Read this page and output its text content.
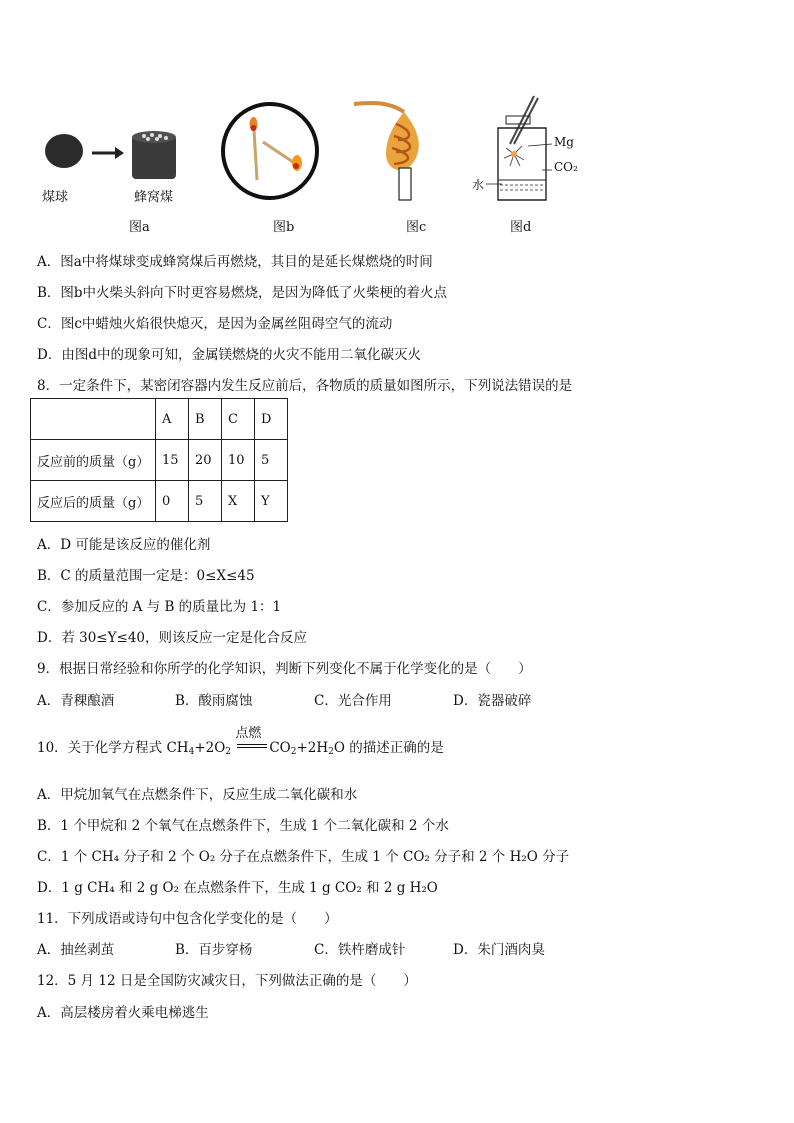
煤球	蜂窝煤
图a	图b	图c
Mg
CO₂
水
图d
A．图a中将煤球变成蜂窝煤后再燃烧，其目的是延长煤燃烧的时间
B．图b中火柴头斜向下时更容易燃烧，是因为降低了火柴梗的着火点
C．图c中蜡烛火焰很快熄灭，是因为金属丝阻碍空气的流动
D．由图d中的现象可知，金属镁燃烧的火灾不能用二氧化碳灭火
8．一定条件下，某密闭容器内发生反应前后，各物质的质量如图所示，下列说法错误的是
	A	B	C	D
反应前的质量（g）	15	20	10	5
反应后的质量（g）	0	5	X	Y
A．D 可能是该反应的催化剂
B．C 的质量范围一定是：0≤X≤45
C．参加反应的 A 与 B 的质量比为 1：1
D．若 30≤Y≤40，则该反应一定是化合反应
9．根据日常经验和你所学的化学知识，判断下列变化不属于化学变化的是（　　）
A．青稞酿酒	B．酸雨腐蚀	C．光合作用	D．瓷器破碎
10．关于化学方程式 $CH_4+2O_2$
点燃
$CO_2+2H_2O$ 的描述正确的是
A．甲烷加氧气在点燃条件下，反应生成二氧化碳和水
B．1 个甲烷和 2 个氧气在点燃条件下，生成 1 个二氧化碳和 2 个水
C．1 个 CH₄ 分子和 2 个 O₂ 分子在点燃条件下，生成 1 个 CO₂ 分子和 2 个 H₂O 分子
D．1 g CH₄ 和 2 g O₂ 在点燃条件下，生成 1 g CO₂ 和 2 g H₂O
11．下列成语或诗句中包含化学变化的是（　　）
A．抽丝剥茧	B．百步穿杨	C．铁杵磨成针	D．朱门酒肉臭
12．5 月 12 日是全国防灾减灾日，下列做法正确的是（　　）
A．高层楼房着火乘电梯逃生
